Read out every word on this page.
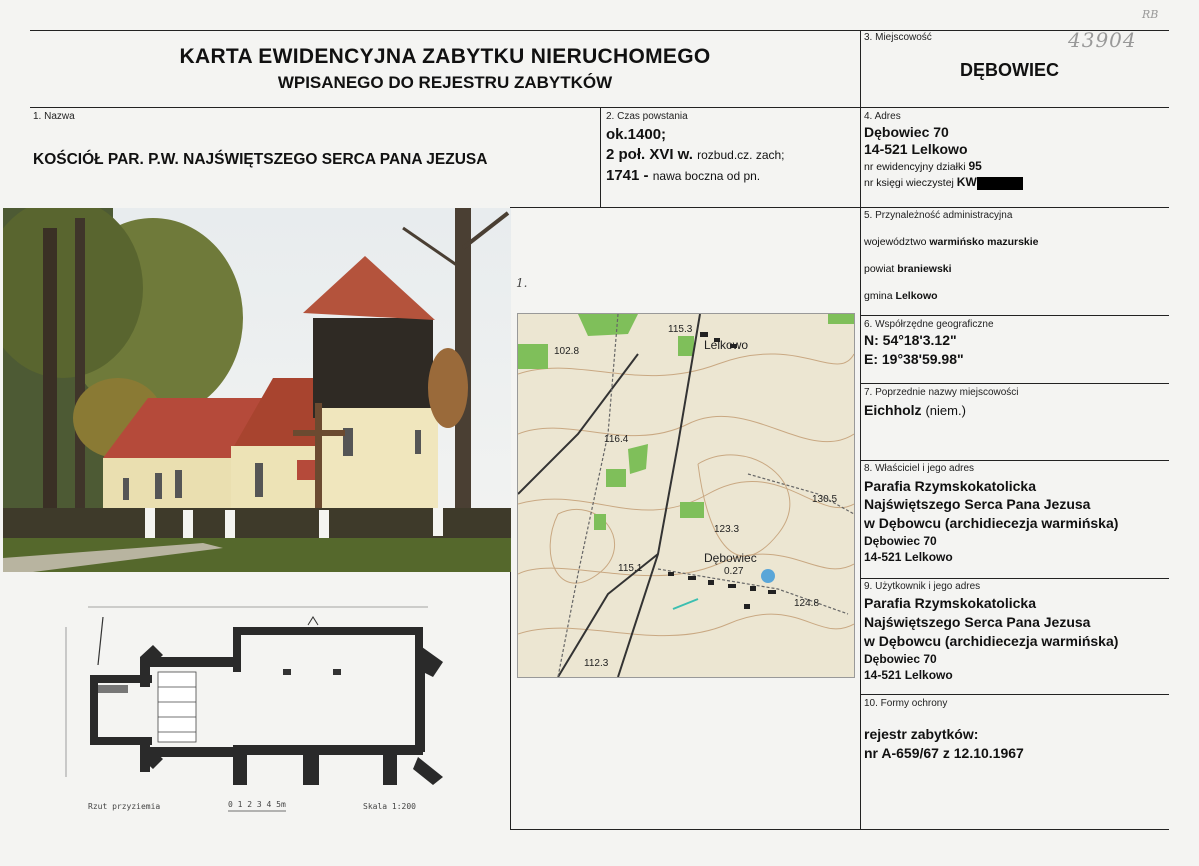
KARTA EWIDENCYJNA ZABYTKU NIERUCHOMEGO
WPISANEGO DO REJESTRU ZABYTKÓW
43904
RB
3. Miejscowość
DĘBOWIEC
1. Nazwa
KOŚCIÓŁ PAR. P.W. NAJŚWIĘTSZEGO SERCA PANA JEZUSA
2. Czas powstania
ok.1400;
2 poł. XVI w. rozbud.cz. zach;
1741 - nawa boczna od pn.
4. Adres
Dębowiec 70
14-521 Lelkowo
nr ewidencyjny działki 95
nr księgi wieczystej KW
5. Przynależność administracyjna
województwo warmińsko mazurskie
powiat braniewski
gmina Lelkowo
6. Współrzędne geograficzne
N: 54°18'3.12"
E: 19°38'59.98"
7. Poprzednie nazwy miejscowości
Eichholz (niem.)
8. Właściciel i jego adres
Parafia Rzymskokatolicka
Najświętszego Serca Pana Jezusa
w Dębowcu (archidiecezja warmińska)
Dębowiec 70
14-521 Lelkowo
9. Użytkownik i jego adres
Parafia Rzymskokatolicka
Najświętszego Serca Pana Jezusa
w Dębowcu (archidiecezja warmińska)
Dębowiec 70
14-521 Lelkowo
10. Formy ochrony
rejestr zabytków:
nr A-659/67 z 12.10.1967
1.
Lelkowo
Dębowiec
115.3
102.8
116.4
130.5
123.3
115.1
124.8
112.3
0.27
Rzut przyziemia	0 1 2 3 4 5m	Skala 1:200
